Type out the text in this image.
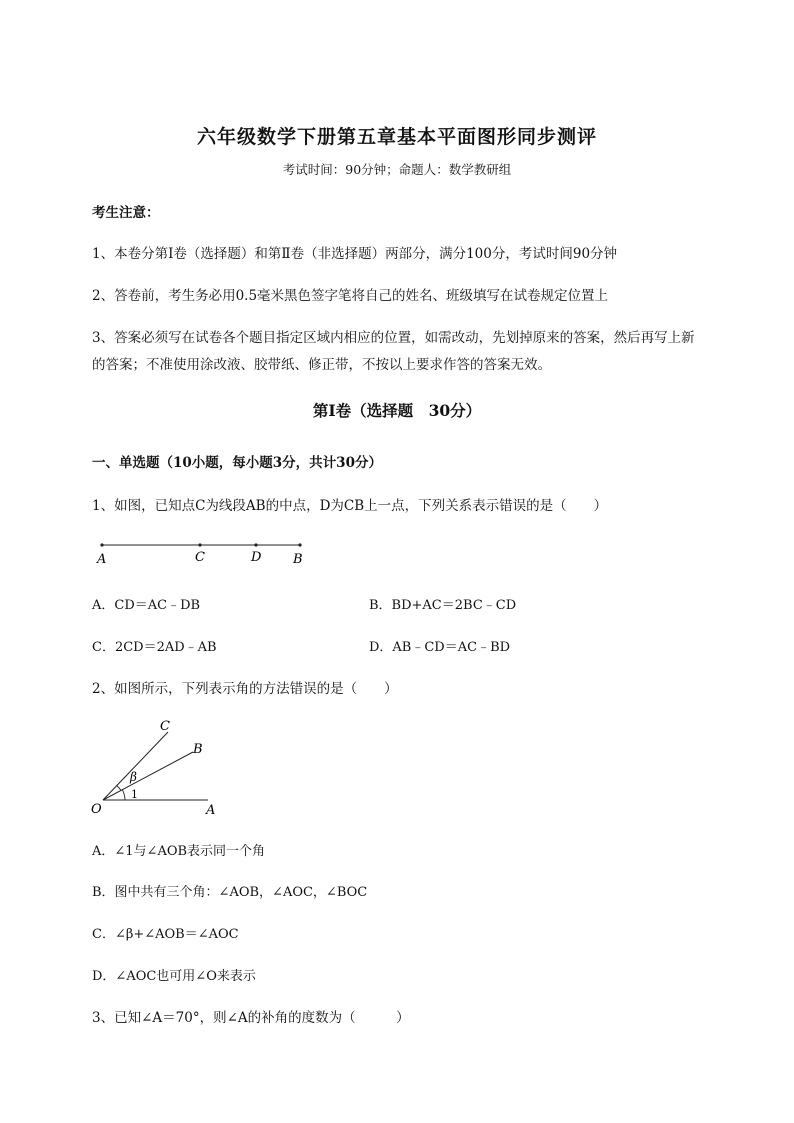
六年级数学下册第五章基本平面图形同步测评
考试时间：90分钟；命题人：数学教研组
考生注意：
1、本卷分第Ⅰ卷（选择题）和第Ⅱ卷（非选择题）两部分，满分100分，考试时间90分钟
2、答卷前，考生务必用0.5毫米黑色签字笔将自己的姓名、班级填写在试卷规定位置上
3、答案必须写在试卷各个题目指定区域内相应的位置，如需改动，先划掉原来的答案，然后再写上新
的答案；不准使用涂改液、胶带纸、修正带，不按以上要求作答的答案无效。
第Ⅰ卷（选择题　30分）
一、单选题（10小题，每小题3分，共计30分）
1、如图，已知点C为线段AB的中点，D为CB上一点，下列关系表示错误的是（　　）
A	C	D B
A．CD＝AC﹣DB	B．BD+AC＝2BC﹣CD
C．2CD＝2AD﹣AB	D．AB﹣CD＝AC﹣BD
2、如图所示，下列表示角的方法错误的是（　　）
C
B
β
1
O	A
A．∠1与∠AOB表示同一个角
B．图中共有三个角：∠AOB，∠AOC，∠BOC
C．∠β+∠AOB＝∠AOC
D．∠AOC也可用∠O来表示
3、已知∠A＝70°，则∠A的补角的度数为（　　　）
